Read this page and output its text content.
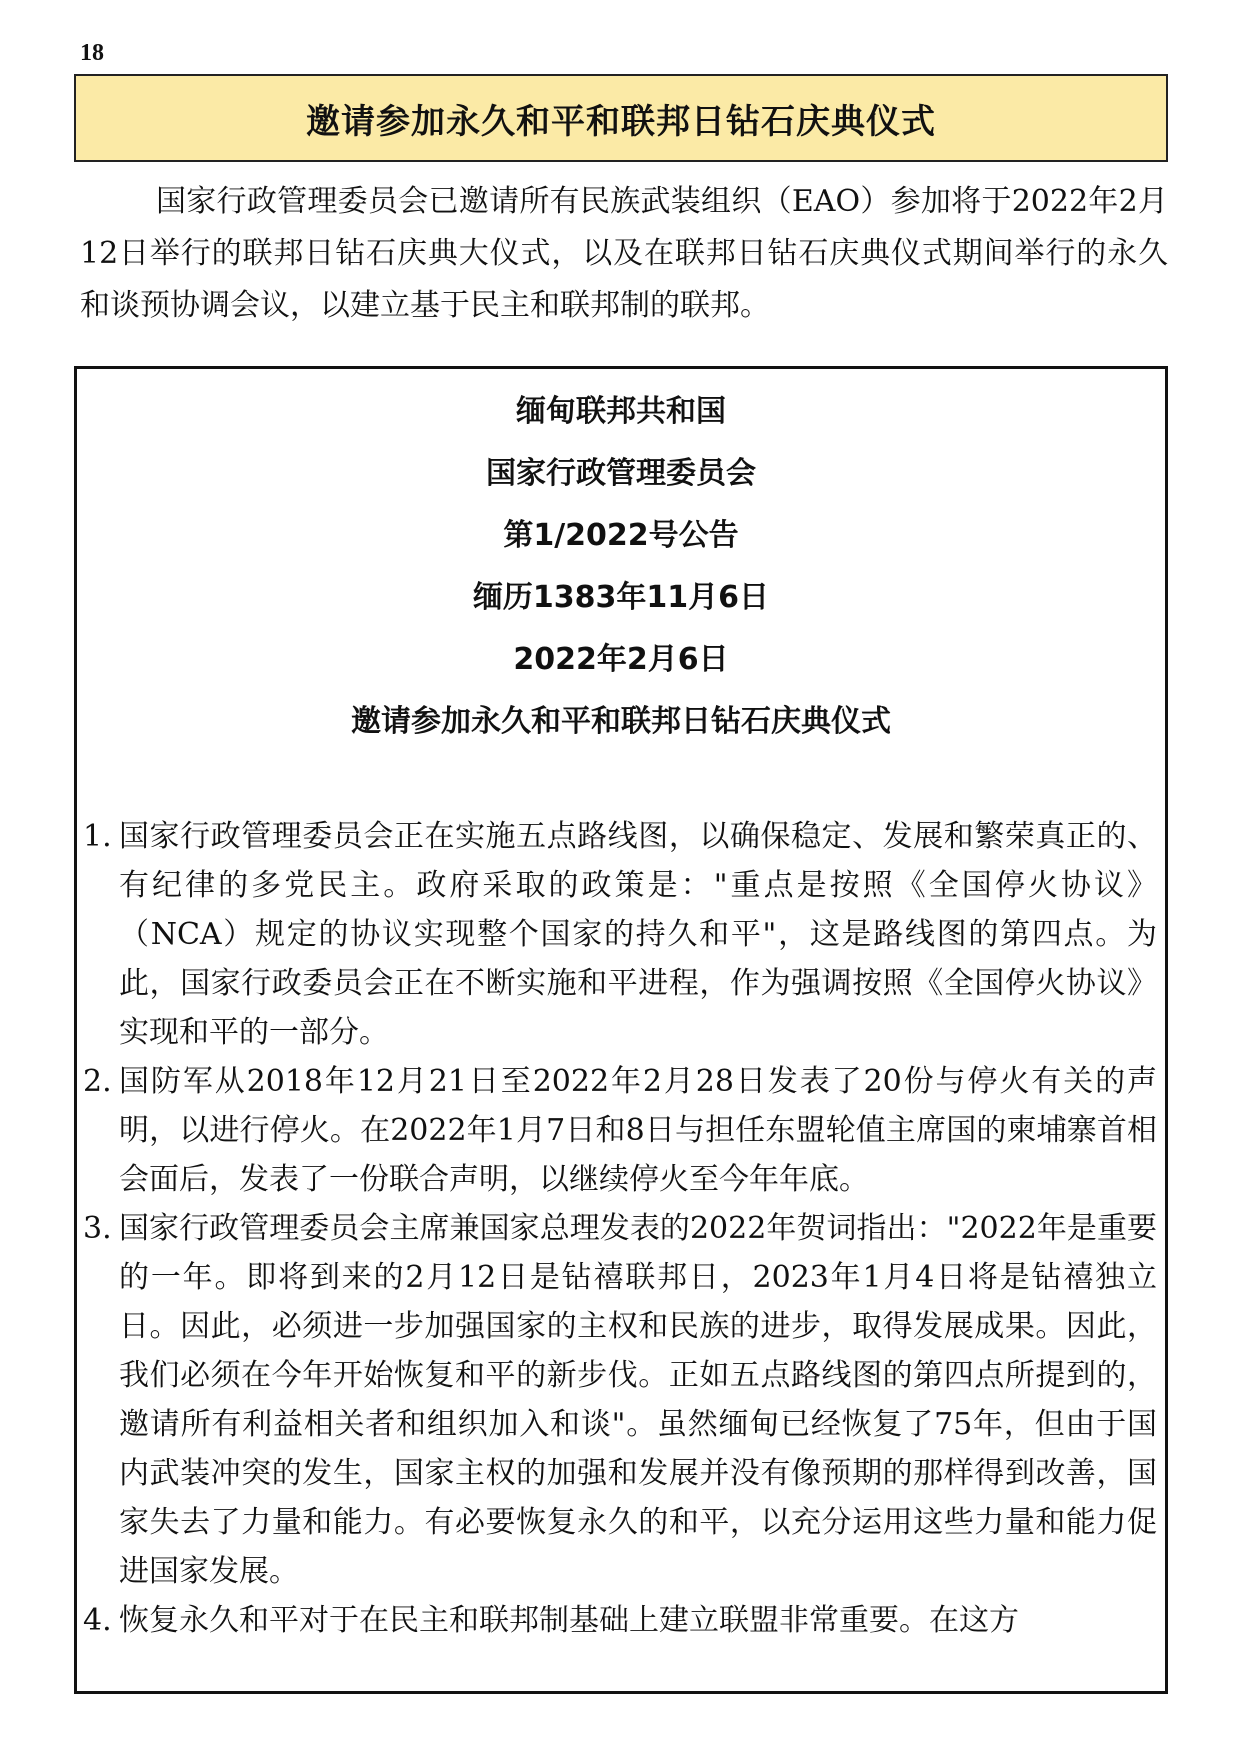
18
邀请参加永久和平和联邦日钻石庆典仪式

国家行政管理委员会已邀请所有民族武装组织（EAO）参加将于2022年2月12日举行的联邦日钻石庆典大仪式，以及在联邦日钻石庆典仪式期间举行的永久和谈预协调会议，以建立基于民主和联邦制的联邦。

缅甸联邦共和国
国家行政管理委员会
第1/2022号公告
缅历1383年11月6日
2022年2月6日
邀请参加永久和平和联邦日钻石庆典仪式
1. 国家行政管理委员会正在实施五点路线图，以确保稳定、发展和繁荣真正的、有纪律的多党民主。政府采取的政策是："重点是按照《全国停火协议》（NCA）规定的协议实现整个国家的持久和平"，这是路线图的第四点。为此，国家行政委员会正在不断实施和平进程，作为强调按照《全国停火协议》实现和平的一部分。
2. 国防军从2018年12月21日至2022年2月28日发表了20份与停火有关的声明，以进行停火。在2022年1月7日和8日与担任东盟轮值主席国的柬埔寨首相会面后，发表了一份联合声明，以继续停火至今年年底。
3. 国家行政管理委员会主席兼国家总理发表的2022年贺词指出："2022年是重要的一年。即将到来的2月12日是钻禧联邦日，2023年1月4日将是钻禧独立日。因此，必须进一步加强国家的主权和民族的进步，取得发展成果。因此，我们必须在今年开始恢复和平的新步伐。正如五点路线图的第四点所提到的，邀请所有利益相关者和组织加入和谈"。虽然缅甸已经恢复了75年，但由于国内武装冲突的发生，国家主权的加强和发展并没有像预期的那样得到改善，国家失去了力量和能力。有必要恢复永久的和平，以充分运用这些力量和能力促进国家发展。
4. 恢复永久和平对于在民主和联邦制基础上建立联盟非常重要。在这方
